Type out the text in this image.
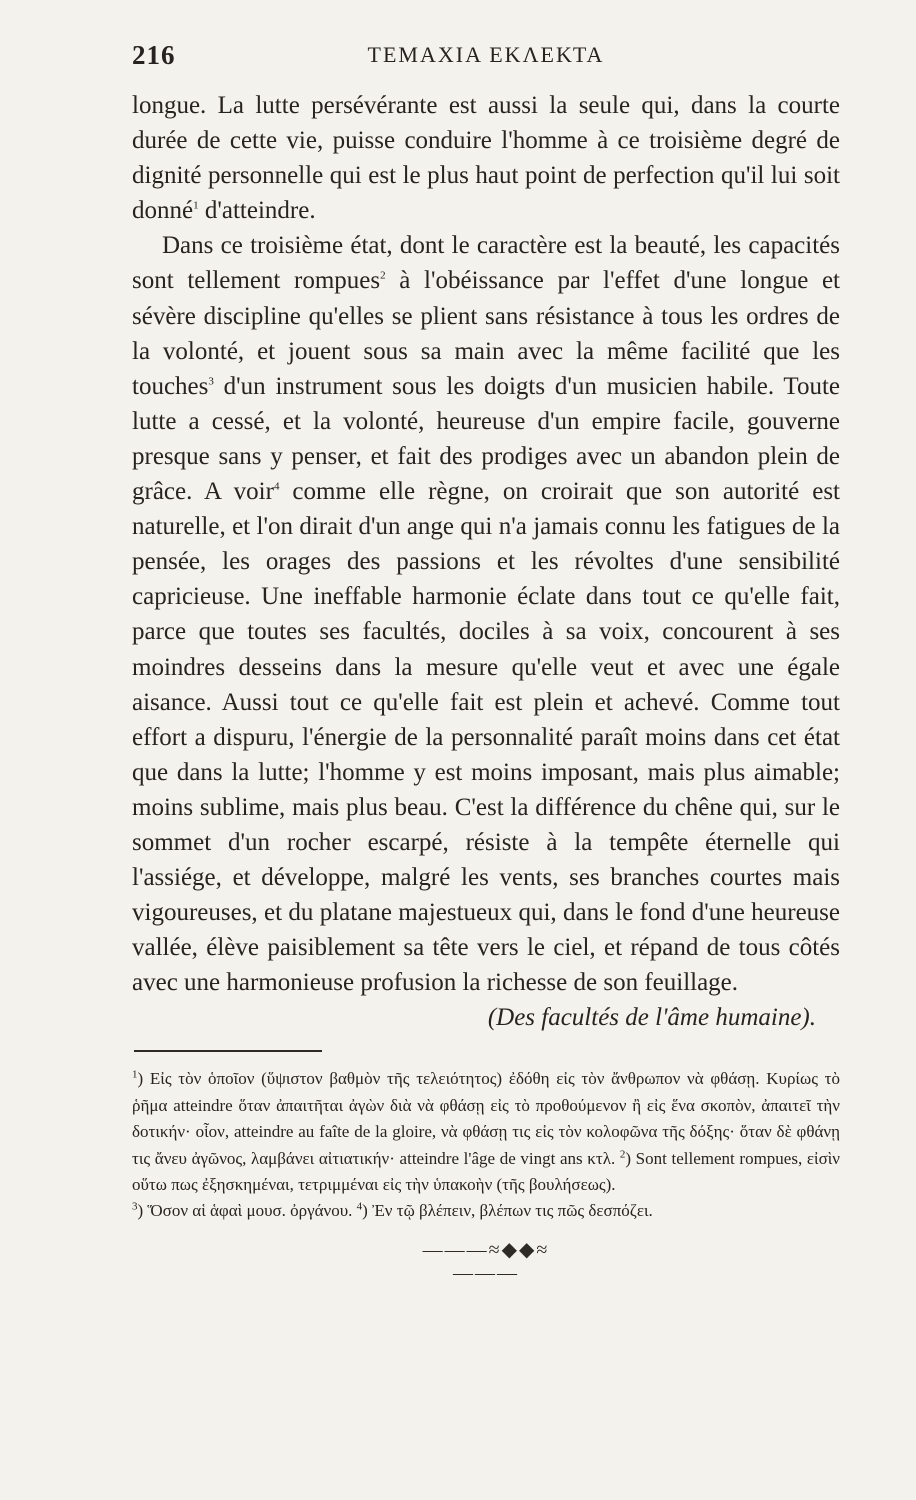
216	ΤΕΜΑΧΙΑ ΕΚΛΕΚΤΑ

longue. La lutte persévérante est aussi la seule qui, dans la courte durée de cette vie, puisse conduire l'homme à ce troisième degré de dignité personnelle qui est le plus haut point de perfection qu'il lui soit donné$^1$ d'atteindre.

Dans ce troisième état, dont le caractère est la beauté, les capacités sont tellement rompues$^2$ à l'obéissance par l'effet d'une longue et sévère discipline qu'elles se plient sans résistance à tous les ordres de la volonté, et jouent sous sa main avec la même facilité que les touches$^3$ d'un instrument sous les doigts d'un musicien habile. Toute lutte a cessé, et la volonté, heureuse d'un empire facile, gouverne presque sans y penser, et fait des prodiges avec un abandon plein de grâce. A voir$^4$ comme elle règne, on croirait que son autorité est naturelle, et l'on dirait d'un ange qui n'a jamais connu les fatigues de la pensée, les orages des passions et les révoltes d'une sensibilité capricieuse. Une ineffable harmonie éclate dans tout ce qu'elle fait, parce que toutes ses facultés, dociles à sa voix, concourent à ses moindres desseins dans la mesure qu'elle veut et avec une égale aisance. Aussi tout ce qu'elle fait est plein et achevé. Comme tout effort a dispuru, l'énergie de la personnalité paraît moins dans cet état que dans la lutte; l'homme y est moins imposant, mais plus aimable; moins sublime, mais plus beau. C'est la différence du chêne qui, sur le sommet d'un rocher escarpé, résiste à la tempête éternelle qui l'assiége, et développe, malgré les vents, ses branches courtes mais vigoureuses, et du platane majestueux qui, dans le fond d'une heureuse vallée, élève paisiblement sa tête vers le ciel, et répand de tous côtés avec une harmonieuse profusion la richesse de son feuillage.

(Des facultés de l'âme humaine).

$^1$) Εἰς τὸν ὁποῖον (ὕψιστον βαθμὸν τῆς τελειότητος) ἐδόθη εἰς τὸν ἄνθρωπον νὰ φθάσῃ. Κυρίως τὸ ῥῆμα atteindre ὅταν ἀπαιτῆται ἀγὼν διὰ νὰ φθάσῃ εἰς τὸ προθούμενον ἢ εἰς ἕνα σκοπὸν, ἀπαιτεῖ τὴν δοτικήν· οἷον, atteindre au faîte de la gloire, νὰ φθάσῃ τις εἰς τὸν κολοφῶνα τῆς δόξης· ὅταν δὲ φθάνῃ τις ἄνευ ἀγῶνος, λαμβάνει αἰτιατικήν· atteindre l'âge de vingt ans κτλ. $^2$) Sont tellement rompues, εἰσὶν οὕτω πως ἐξησκημέναι, τετριμμέναι εἰς τὴν ὑπακοὴν (τῆς βουλήσεως).

$^3$) Ὅσον αἱ ἁφαὶ μουσ. ὀργάνου. $^4$) Ἐν τῷ βλέπειν, βλέπων τις πῶς δεσπόζει.

———≈◆◆≈———
